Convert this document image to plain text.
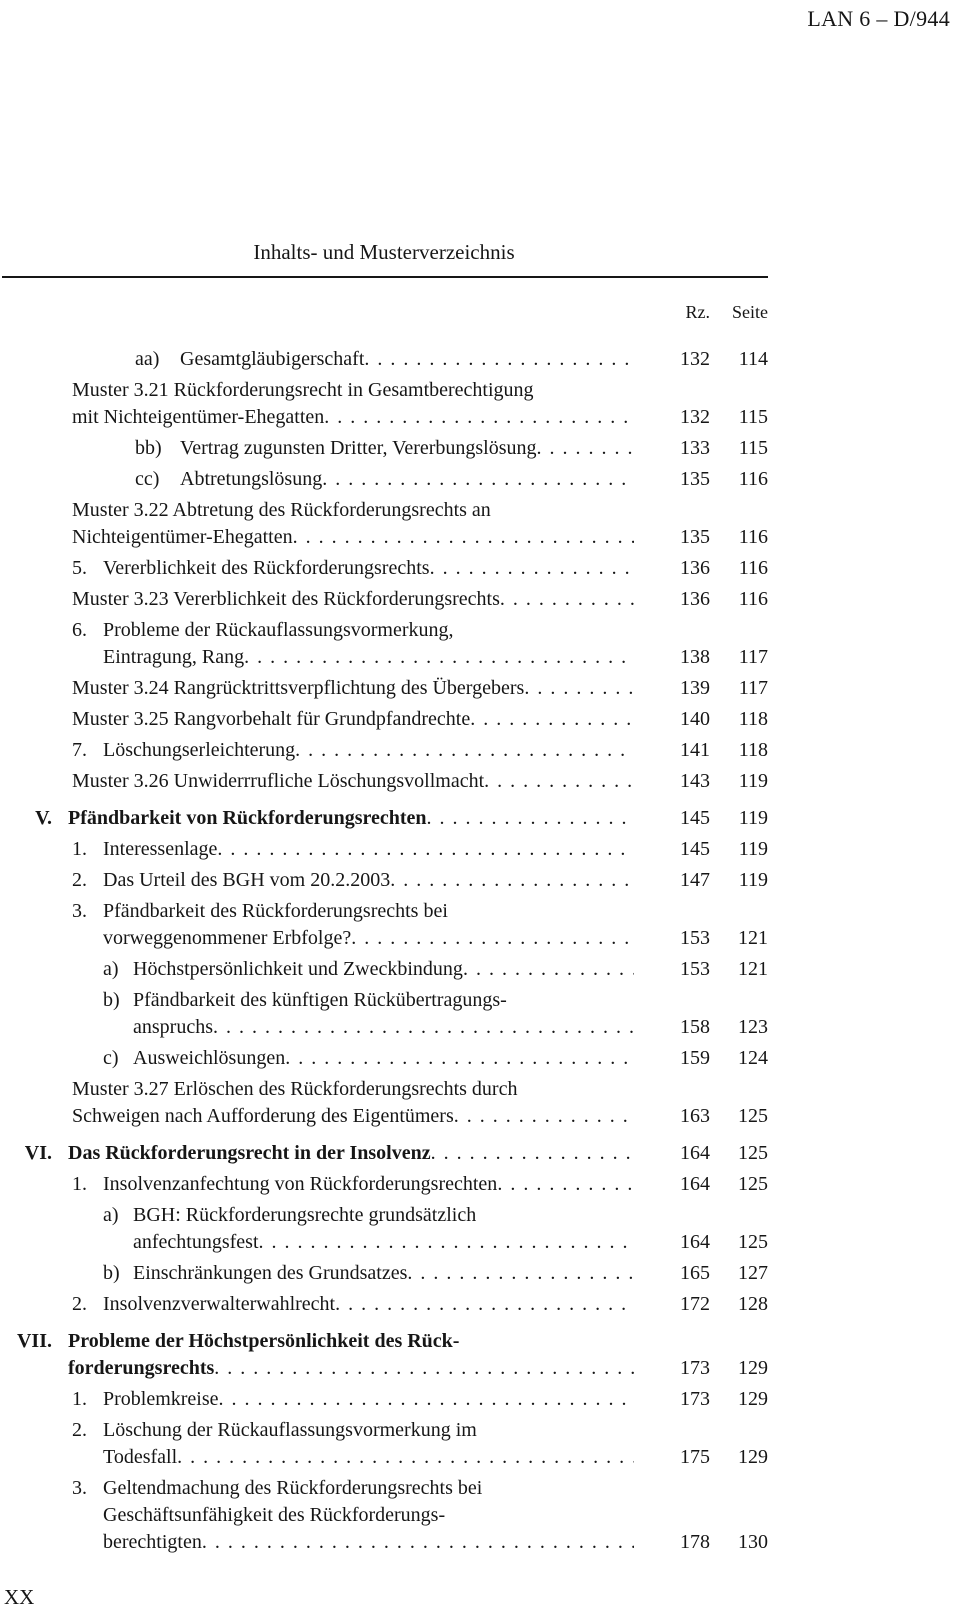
LAN 6 – D/944
Inhalts- und Musterverzeichnis
Rz.	Seite
aa)	Gesamtgläubigerschaft . . .	132	114
Muster 3.21 Rückforderungsrecht in Gesamtberechtigung
mit Nichteigentümer-Ehegatten . . .	132	115
bb) Vertrag zugunsten Dritter, Vererbungslösung . . .	133	115
cc)	Abtretungslösung . . .	135	116
Muster 3.22 Abtretung des Rückforderungsrechts an
Nichteigentümer-Ehegatten . . .	135	116
5. Vererblichkeit des Rückforderungsrechts . . .	136	116
Muster 3.23 Vererblichkeit des Rückforderungsrechts . . .	136	116
6. Probleme der Rückauflassungsvormerkung,
Eintragung, Rang . . .	138	117
Muster 3.24 Rangrücktrittsverpflichtung des Übergebers . . .	139	117
Muster 3.25 Rangvorbehalt für Grundpfandrechte . . .	140	118
7. Löschungserleichterung . . .	141	118
Muster 3.26 Unwiderrrufliche Löschungsvollmacht . . .	143	119
V. Pfändbarkeit von Rückforderungsrechten . . .	145	119
1. Interessenlage . . .	145	119
2. Das Urteil des BGH vom 20.2.2003 . . .	147	119
3. Pfändbarkeit des Rückforderungsrechts bei
vorweggenommener Erbfolge? . . .	153	121
a) Höchstpersönlichkeit und Zweckbindung . . .	153	121
b) Pfändbarkeit des künftigen Rückübertragungs-
anspruchs . . .	158	123
c) Ausweichlösungen . . .	159	124
Muster 3.27 Erlöschen des Rückforderungsrechts durch
Schweigen nach Aufforderung des Eigentümers . . .	163	125
VI. Das Rückforderungsrecht in der Insolvenz . . .	164	125
1. Insolvenzanfechtung von Rückforderungsrechten . . .	164	125
a) BGH: Rückforderungsrechte grundsätzlich
anfechtungsfest . . .	164	125
b) Einschränkungen des Grundsatzes . . .	165	127
2. Insolvenzverwalterwahlrecht . . .	172	128
VII. Probleme der Höchstpersönlichkeit des Rück-
forderungsrechts . . .	173	129
1. Problemkreise . . .	173	129
2. Löschung der Rückauflassungsvormerkung im
Todesfall . . .	175	129
3. Geltendmachung des Rückforderungsrechts bei
Geschäftsunfähigkeit des Rückforderungs-
berechtigten . . .	178	130
XX
